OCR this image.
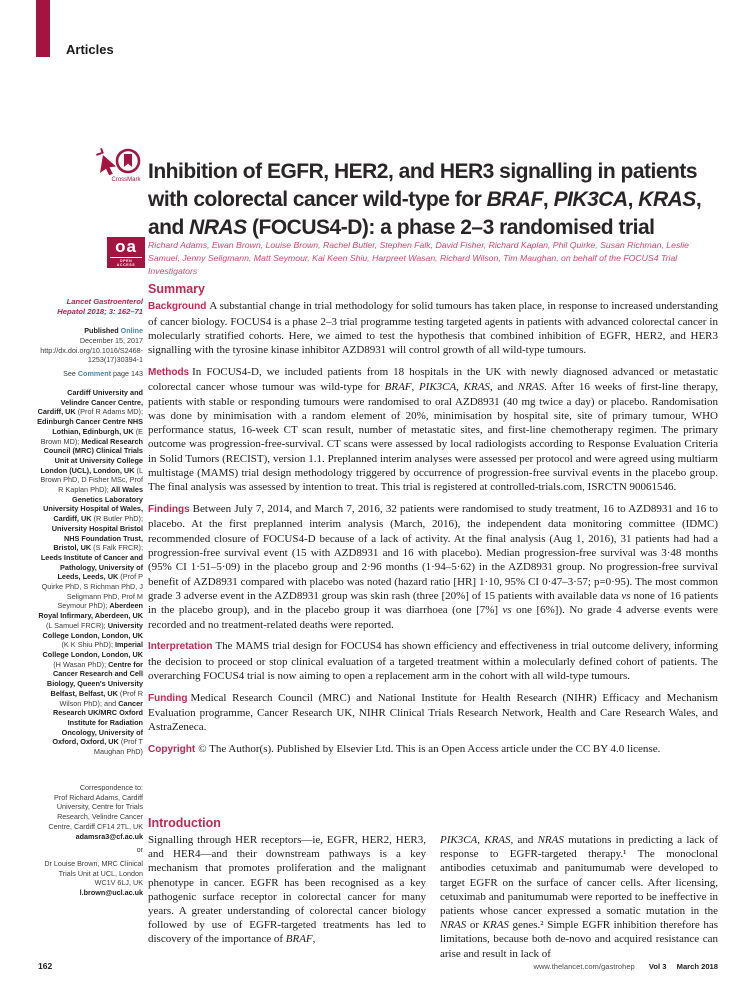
Articles
CrossMark
oa
OPEN ACCESS
Inhibition of EGFR, HER2, and HER3 signalling in patients with colorectal cancer wild-type for BRAF, PIK3CA, KRAS, and NRAS (FOCUS4-D): a phase 2–3 randomised trial
Richard Adams, Ewan Brown, Louise Brown, Rachel Butler, Stephen Falk, David Fisher, Richard Kaplan, Phil Quirke, Susan Richman, Leslie Samuel, Jenny Seligmann, Matt Seymour, Kai Keen Shiu, Harpreet Wasan, Richard Wilson, Tim Maughan, on behalf of the FOCUS4 Trial Investigators
Lancet Gastroenterol Hepatol 2018; 3: 162–71
Published Online
December 15, 2017
http://dx.doi.org/10.1016/S2468-1253(17)30394-1
See Comment page 143
Cardiff University and Velindre Cancer Centre, Cardiff, UK (Prof R Adams MD); Edinburgh Cancer Centre NHS Lothian, Edinburgh, UK (E Brown MD); Medical Research Council (MRC) Clinical Trials Unit at University College London (UCL), London, UK (L Brown PhD, D Fisher MSc, Prof R Kaplan PhD); All Wales Genetics Laboratory University Hospital of Wales, Cardiff, UK (R Butler PhD); University Hospital Bristol NHS Foundation Trust, Bristol, UK (S Falk FRCR); Leeds Institute of Cancer and Pathology, University of Leeds, Leeds, UK (Prof P Quirke PhD, S Richman PhD, J Seligmann PhD, Prof M Seymour PhD); Aberdeen Royal Infirmary, Aberdeen, UK (L Samuel FRCR); University College London, London, UK (K K Shiu PhD); Imperial College London, London, UK (H Wasan PhD); Centre for Cancer Research and Cell Biology, Queen's University Belfast, Belfast, UK (Prof R Wilson PhD); and Cancer Research UK/MRC Oxford Institute for Radiation Oncology, University of Oxford, Oxford, UK (Prof T Maughan PhD)
Correspondence to:
Prof Richard Adams, Cardiff University, Centre for Trials Research, Velindre Cancer Centre, Cardiff CF14 2TL, UK
adamsra3@cf.ac.uk
or
Dr Louise Brown, MRC Clinical Trials Unit at UCL, London WC1V 6LJ, UK
l.brown@ucl.ac.uk
Summary

Background A substantial change in trial methodology for solid tumours has taken place, in response to increased understanding of cancer biology. FOCUS4 is a phase 2–3 trial programme testing targeted agents in patients with advanced colorectal cancer in molecularly stratified cohorts. Here, we aimed to test the hypothesis that combined inhibition of EGFR, HER2, and HER3 signalling with the tyrosine kinase inhibitor AZD8931 will control growth of all wild-type tumours.

Methods In FOCUS4-D, we included patients from 18 hospitals in the UK with newly diagnosed advanced or metastatic colorectal cancer whose tumour was wild-type for BRAF, PIK3CA, KRAS, and NRAS. After 16 weeks of first-line therapy, patients with stable or responding tumours were randomised to oral AZD8931 (40 mg twice a day) or placebo. Randomisation was done by minimisation with a random element of 20%, minimisation by hospital site, site of primary tumour, WHO performance status, 16-week CT scan result, number of metastatic sites, and first-line chemotherapy regimen. The primary outcome was progression-free-survival. CT scans were assessed by local radiologists according to Response Evaluation Criteria in Solid Tumors (RECIST), version 1.1. Preplanned interim analyses were assessed per protocol and were agreed using multiarm multistage (MAMS) trial design methodology triggered by occurrence of progression-free survival events in the placebo group. The final analysis was assessed by intention to treat. This trial is registered at controlled-trials.com, ISRCTN 90061546.

Findings Between July 7, 2014, and March 7, 2016, 32 patients were randomised to study treatment, 16 to AZD8931 and 16 to placebo. At the first preplanned interim analysis (March, 2016), the independent data monitoring committee (IDMC) recommended closure of FOCUS4-D because of a lack of activity. At the final analysis (Aug 1, 2016), 31 patients had had a progression-free survival event (15 with AZD8931 and 16 with placebo). Median progression-free survival was 3·48 months (95% CI 1·51–5·09) in the placebo group and 2·96 months (1·94–5·62) in the AZD8931 group. No progression-free survival benefit of AZD8931 compared with placebo was noted (hazard ratio [HR] 1·10, 95% CI 0·47–3·57; p=0·95). The most common grade 3 adverse event in the AZD8931 group was skin rash (three [20%] of 15 patients with available data vs none of 16 patients in the placebo group), and in the placebo group it was diarrhoea (one [7%] vs one [6%]). No grade 4 adverse events were recorded and no treatment-related deaths were reported.

Interpretation The MAMS trial design for FOCUS4 has shown efficiency and effectiveness in trial outcome delivery, informing the decision to proceed or stop clinical evaluation of a targeted treatment within a molecularly defined cohort of patients. The overarching FOCUS4 trial is now aiming to open a replacement arm in the cohort with all wild-type tumours.

Funding Medical Research Council (MRC) and National Institute for Health Research (NIHR) Efficacy and Mechanism Evaluation programme, Cancer Research UK, NIHR Clinical Trials Research Network, Health and Care Research Wales, and AstraZeneca.

Copyright © The Author(s). Published by Elsevier Ltd. This is an Open Access article under the CC BY 4.0 license.

Introduction
Signalling through HER receptors—ie, EGFR, HER2, HER3, and HER4—and their downstream pathways is a key mechanism that promotes proliferation and the malignant phenotype in cancer. EGFR has been recognised as a key pathogenic surface receptor in colorectal cancer for many years. A greater understanding of colorectal cancer biology followed by use of EGFR-targeted treatments has led to discovery of the importance of BRAF,
PIK3CA, KRAS, and NRAS mutations in predicting a lack of response to EGFR-targeted therapy.¹ The monoclonal antibodies cetuximab and panitumumab were developed to target EGFR on the surface of cancer cells. After licensing, cetuximab and panitumumab were reported to be ineffective in patients whose cancer expressed a somatic mutation in the NRAS or KRAS genes.² Simple EGFR inhibition therefore has limitations, because both de-novo and acquired resistance can arise and result in lack of
162	www.thelancet.com/gastrohep Vol 3 March 2018
